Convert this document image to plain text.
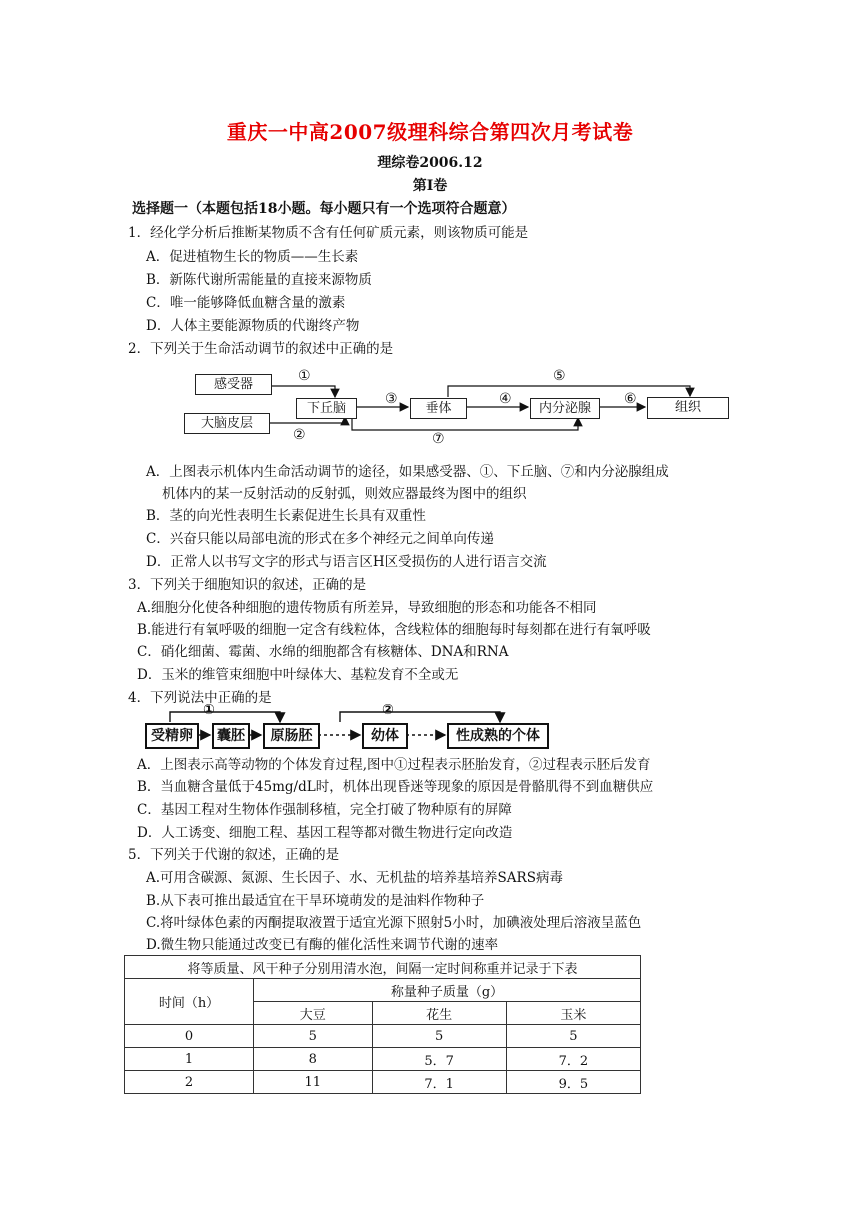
重庆一中高2007级理科综合第四次月考试卷
理综卷2006.12
第Ⅰ卷
选择题一（本题包括18小题。每小题只有一个选项符合题意）
1．经化学分析后推断某物质不含有任何矿质元素，则该物质可能是
A．促进植物生长的物质——生长素
B．新陈代谢所需能量的直接来源物质
C．唯一能够降低血糖含量的激素
D．人体主要能源物质的代谢终产物
2．下列关于生命活动调节的叙述中正确的是
感受器
大脑皮层
下丘脑	垂体	内分泌腺	组织
①
②
③	④
⑤
⑥
⑦
A．上图表示机体内生命活动调节的途径，如果感受器、①、下丘脑、⑦和内分泌腺组成
机体内的某一反射活动的反射弧，则效应器最终为图中的组织
B．茎的向光性表明生长素促进生长具有双重性
C．兴奋只能以局部电流的形式在多个神经元之间单向传递
D．正常人以书写文字的形式与语言区H区受损伤的人进行语言交流
3．下列关于细胞知识的叙述，正确的是
A.细胞分化使各种细胞的遗传物质有所差异，导致细胞的形态和功能各不相同
B.能进行有氧呼吸的细胞一定含有线粒体，含线粒体的细胞每时每刻都在进行有氧呼吸
C．硝化细菌、霉菌、水绵的细胞都含有核糖体、DNA和RNA
D．玉米的维管束细胞中叶绿体大、基粒发育不全或无
4．下列说法中正确的是
受精卵	囊胚	原肠胚	幼体	性成熟的个体
①	②
A．上图表示高等动物的个体发育过程,图中①过程表示胚胎发育，②过程表示胚后发育
B．当血糖含量低于45mg/dL时，机体出现昏迷等现象的原因是骨骼肌得不到血糖供应
C．基因工程对生物体作强制移植，完全打破了物种原有的屏障
D．人工诱变、细胞工程、基因工程等都对微生物进行定向改造
5．下列关于代谢的叙述，正确的是
A.可用含碳源、氮源、生长因子、水、无机盐的培养基培养SARS病毒
B.从下表可推出最适宜在干旱环境萌发的是油料作物种子
C.将叶绿体色素的丙酮提取液置于适宜光源下照射5小时，加碘液处理后溶液呈蓝色
D.微生物只能通过改变已有酶的催化活性来调节代谢的速率
将等质量、风干种子分别用清水泡，间隔一定时间称重并记录于下表			
时间（h）	称量种子质量（g）		
	大豆	花生	玉米
0	5	5	5
1	8	5．7	7．2
2	11	7．1	9．5
